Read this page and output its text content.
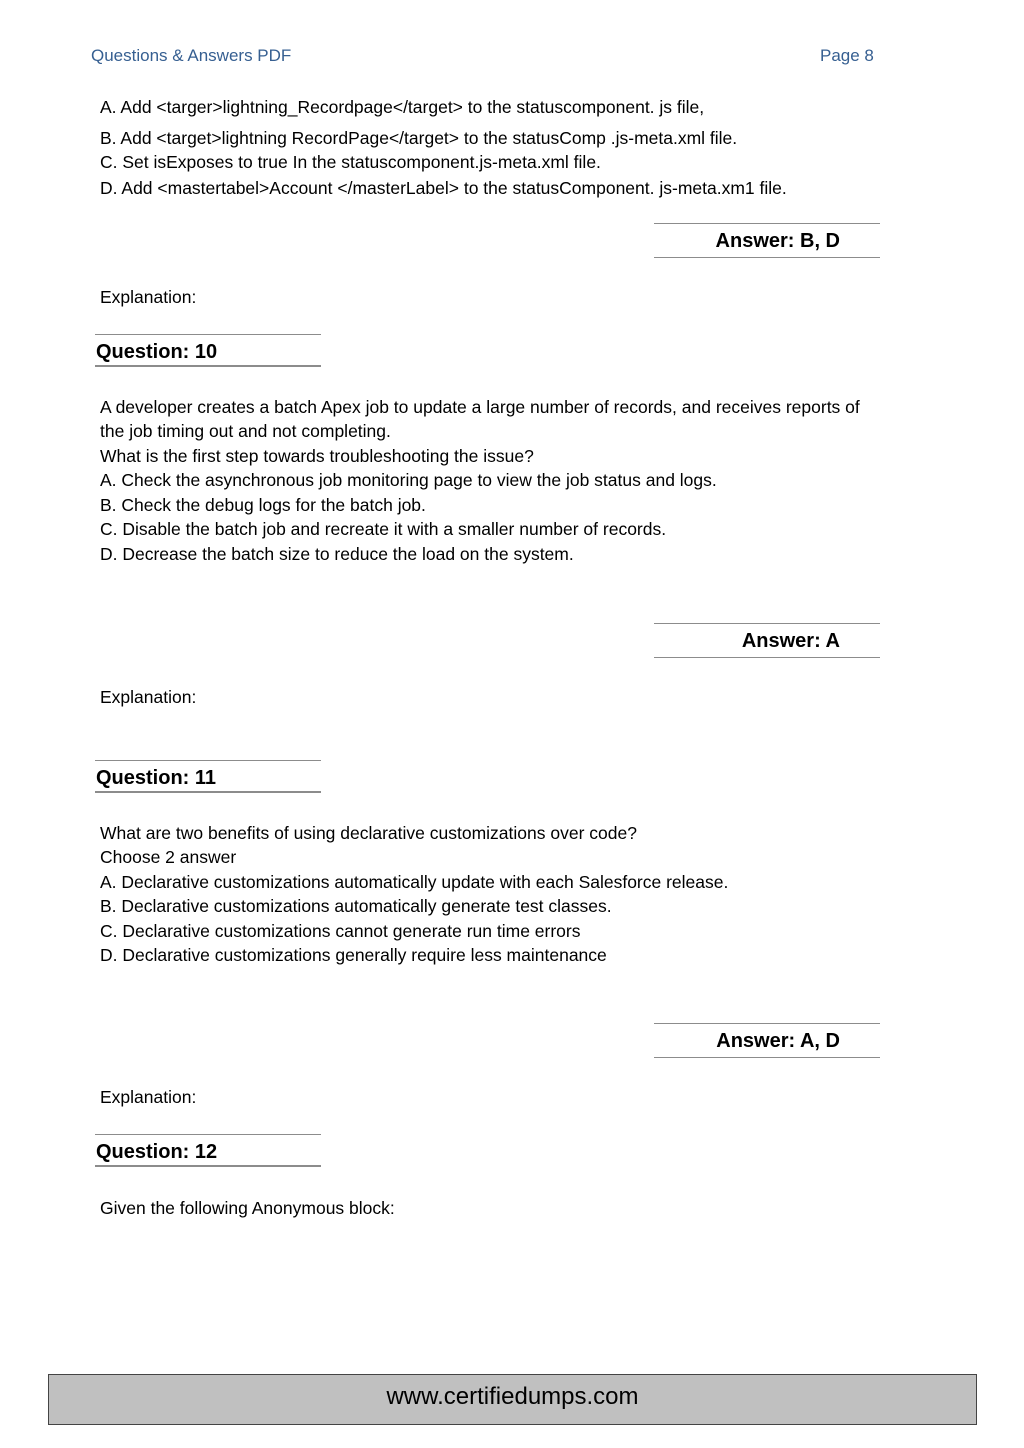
Questions & Answers PDF	Page 8
A. Add <targer>lightning_Recordpage</target> to the statuscomponent. js file,
B. Add <target>lightning RecordPage</target> to the statusComp .js-meta.xml file.
C. Set isExposes to true In the statuscomponent.js-meta.xml file.
D. Add <mastertabel>Account </masterLabel> to the statusComponent. js-meta.xm1 file.
Answer: B, D
Explanation:
Question: 10
A developer creates a batch Apex job to update a large number of records, and receives reports of
the job timing out and not completing.
What is the first step towards troubleshooting the issue?
A. Check the asynchronous job monitoring page to view the job status and logs.
B. Check the debug logs for the batch job.
C. Disable the batch job and recreate it with a smaller number of records.
D. Decrease the batch size to reduce the load on the system.
Answer: A
Explanation:
Question: 11
What are two benefits of using declarative customizations over code?
Choose 2 answer
A. Declarative customizations automatically update with each Salesforce release.
B. Declarative customizations automatically generate test classes.
C. Declarative customizations cannot generate run time errors
D. Declarative customizations generally require less maintenance
Answer: A, D
Explanation:
Question: 12
Given the following Anonymous block:
www.certifiedumps.com
